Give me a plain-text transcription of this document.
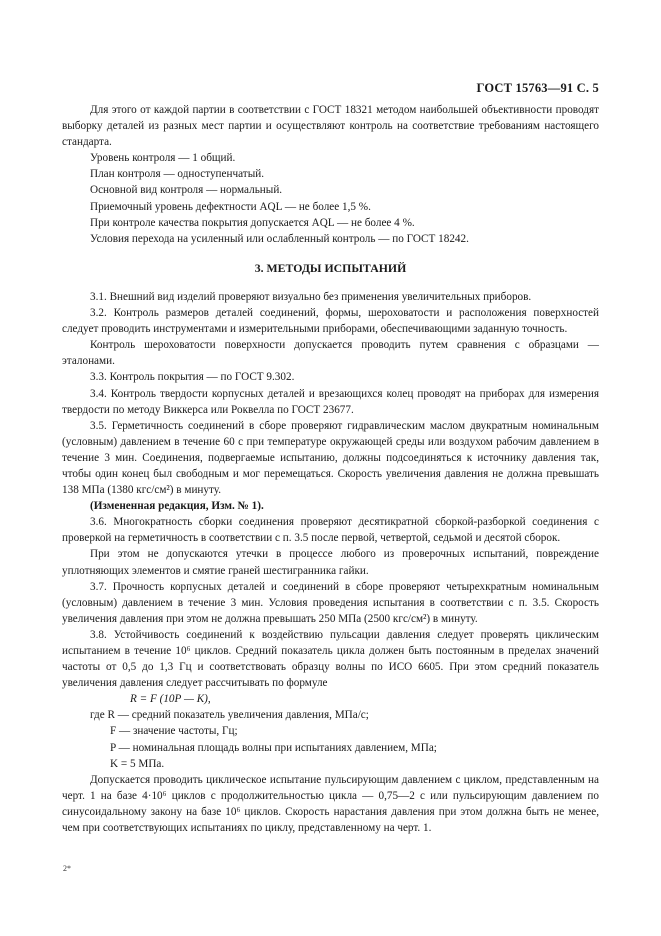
ГОСТ 15763—91 С. 5

Для этого от каждой партии в соответствии с ГОСТ 18321 методом наибольшей объективности проводят выборку деталей из разных мест партии и осуществляют контроль на соответствие требованиям настоящего стандарта.

Уровень контроля — 1 общий.

План контроля — одноступенчатый.

Основной вид контроля — нормальный.

Приемочный уровень дефектности AQL — не более 1,5 %.

При контроле качества покрытия допускается AQL — не более 4 %.

Условия перехода на усиленный или ослабленный контроль — по ГОСТ 18242.

3. МЕТОДЫ ИСПЫТАНИЙ

3.1. Внешний вид изделий проверяют визуально без применения увеличительных приборов.

3.2. Контроль размеров деталей соединений, формы, шероховатости и расположения поверхностей следует проводить инструментами и измерительными приборами, обеспечивающими заданную точность.

Контроль шероховатости поверхности допускается проводить путем сравнения с образцами — эталонами.

3.3. Контроль покрытия — по ГОСТ 9.302.

3.4. Контроль твердости корпусных деталей и врезающихся колец проводят на приборах для измерения твердости по методу Виккерса или Роквелла по ГОСТ 23677.

3.5. Герметичность соединений в сборе проверяют гидравлическим маслом двукратным номинальным (условным) давлением в течение 60 с при температуре окружающей среды или воздухом рабочим давлением в течение 3 мин. Соединения, подвергаемые испытанию, должны подсоединяться к источнику давления так, чтобы один конец был свободным и мог перемещаться. Скорость увеличения давления не должна превышать 138 МПа (1380 кгс/см²) в минуту.

(Измененная редакция, Изм. № 1).

3.6. Многократность сборки соединения проверяют десятикратной сборкой-разборкой соединения с проверкой на герметичность в соответствии с п. 3.5 после первой, четвертой, седьмой и десятой сборок.

При этом не допускаются утечки в процессе любого из проверочных испытаний, повреждение уплотняющих элементов и смятие граней шестигранника гайки.

3.7. Прочность корпусных деталей и соединений в сборе проверяют четырехкратным номинальным (условным) давлением в течение 3 мин. Условия проведения испытания в соответствии с п. 3.5. Скорость увеличения давления при этом не должна превышать 250 МПа (2500 кгс/см²) в минуту.

3.8. Устойчивость соединений к воздействию пульсации давления следует проверять циклическим испытанием в течение 10⁶ циклов. Средний показатель цикла должен быть постоянным в пределах значений частоты от 0,5 до 1,3 Гц и соответствовать образцу волны по ИСО 6605. При этом средний показатель увеличения давления следует рассчитывать по формуле

R = F (10P — K),

где R — средний показатель увеличения давления, МПа/с;

F — значение частоты, Гц;

P — номинальная площадь волны при испытаниях давлением, МПа;

K = 5 МПа.

Допускается проводить циклическое испытание пульсирующим давлением с циклом, представленным на черт. 1 на базе 4·10⁶ циклов с продолжительностью цикла — 0,75—2 с или пульсирующим давлением по синусоидальному закону на базе 10⁶ циклов. Скорость нарастания давления при этом должна быть не менее, чем при соответствующих испытаниях по циклу, представленному на черт. 1.

2*
